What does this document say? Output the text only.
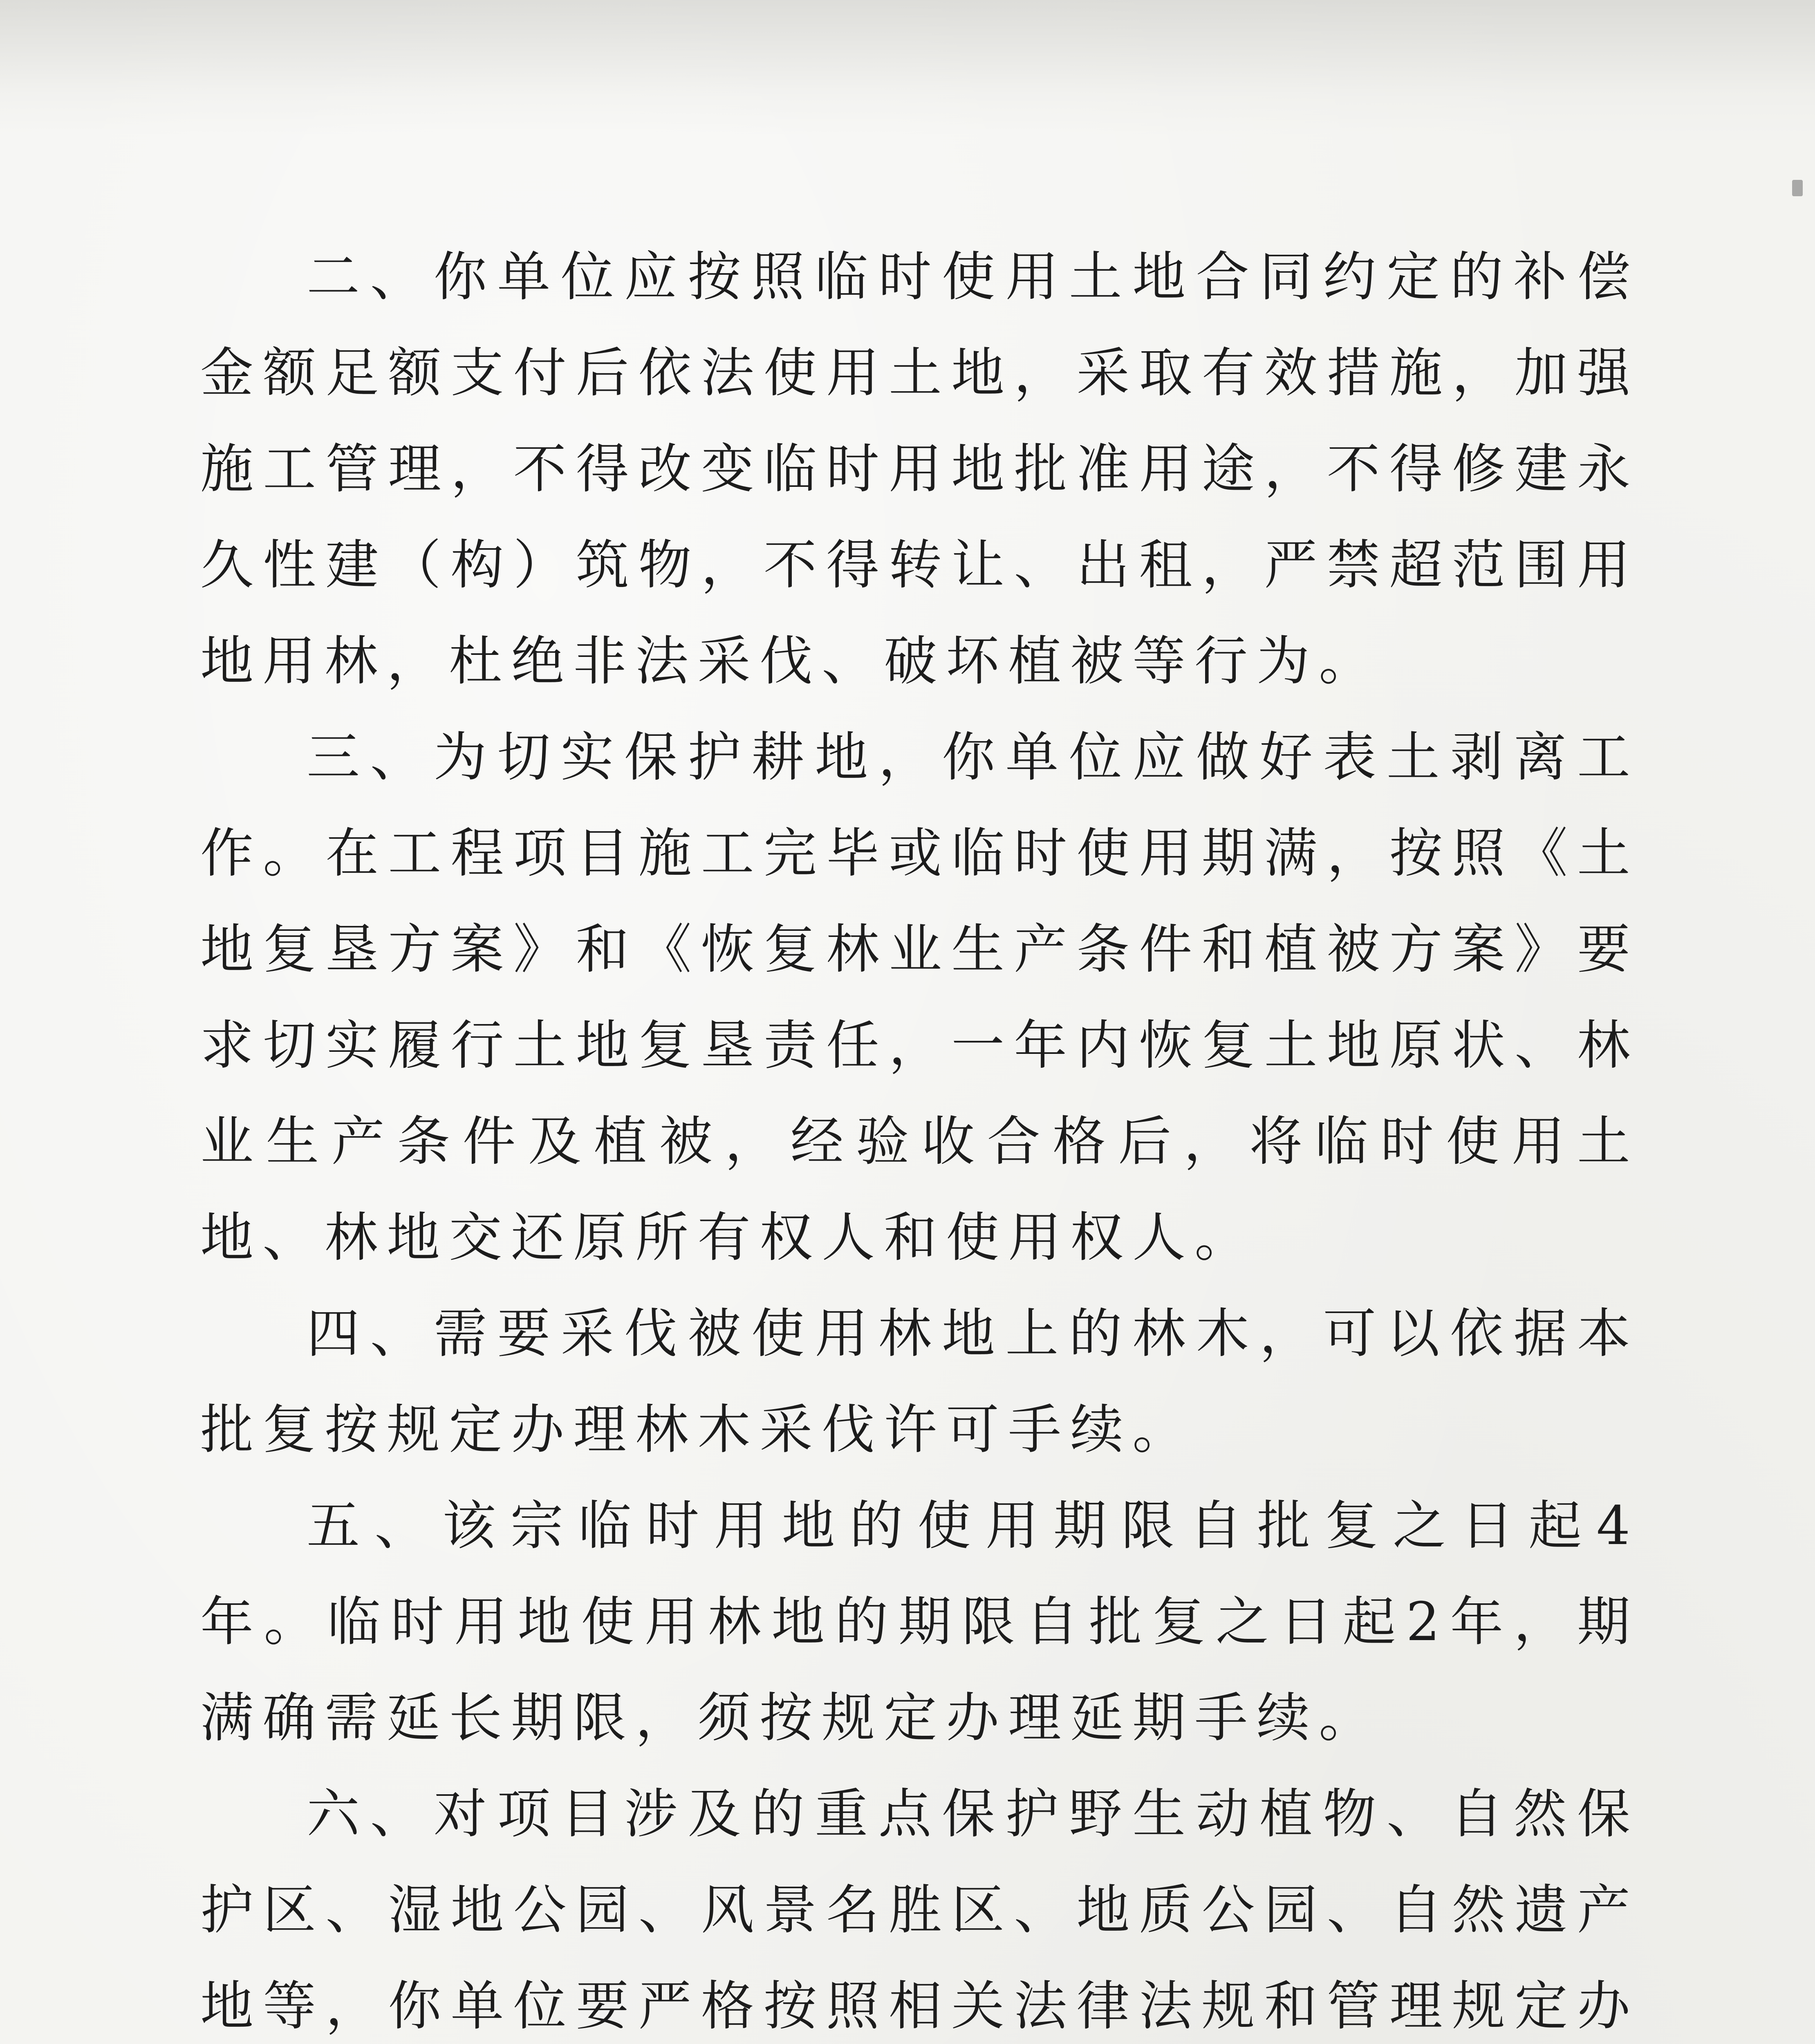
二、你单位应按照临时使用土地合同约定的补偿金额足额支付后依法使用土地，采取有效措施，加强施工管理，不得改变临时用地批准用途，不得修建永久性建（构）筑物，不得转让、出租，严禁超范围用地用林，杜绝非法采伐、破坏植被等行为。

三、为切实保护耕地，你单位应做好表土剥离工作。在工程项目施工完毕或临时使用期满，按照《土地复垦方案》和《恢复林业生产条件和植被方案》要求切实履行土地复垦责任，一年内恢复土地原状、林业生产条件及植被，经验收合格后，将临时使用土地、林地交还原所有权人和使用权人。

四、需要采伐被使用林地上的林木，可以依据本批复按规定办理林木采伐许可手续。

五、该宗临时用地的使用期限自批复之日起4年。临时用地使用林地的期限自批复之日起2年，期满确需延长期限，须按规定办理延期手续。

六、对项目涉及的重点保护野生动植物、自然保护区、湿地公园、风景名胜区、地质公园、自然遗产地等，你单位要严格按照相关法律法规和管理规定办
